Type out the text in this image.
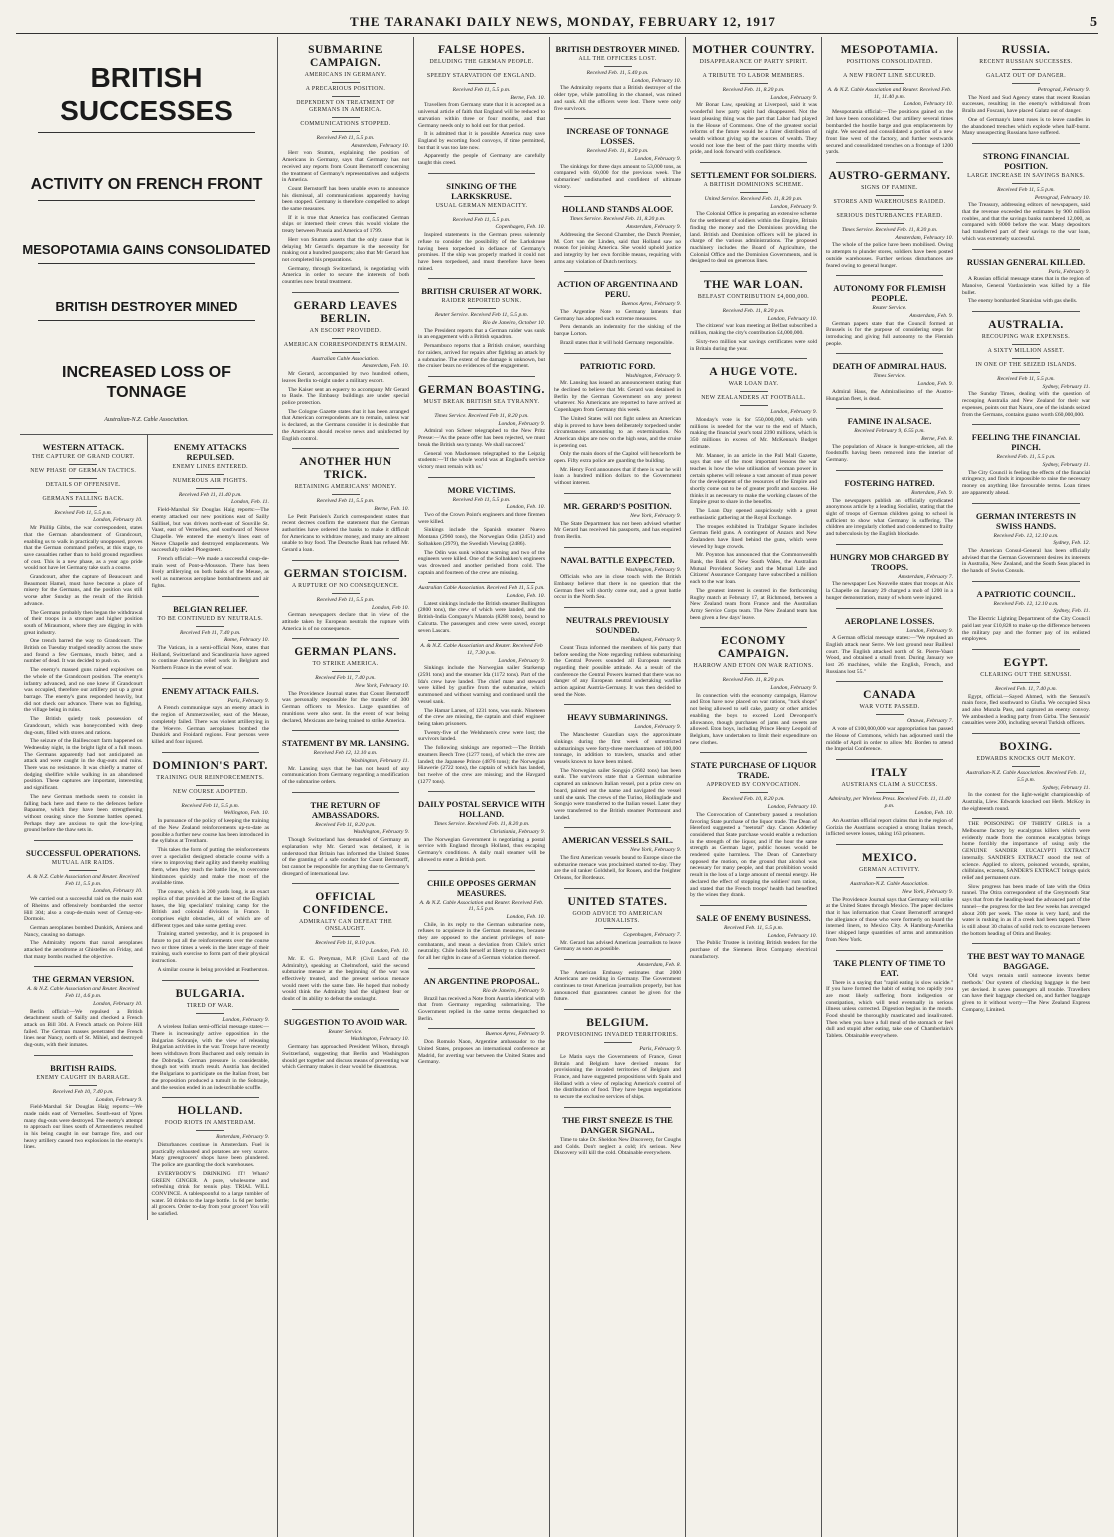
THE TARANAKI DAILY NEWS, MONDAY, FEBRUARY 12, 1917	5
BRITISH SUCCESSES
ACTIVITY ON FRENCH FRONT
MESOPOTAMIA GAINS CONSOLIDATED
BRITISH DESTROYER MINED
INCREASED LOSS OF TONNAGE
Australian-N.Z. Cable Association.
WESTERN ATTACK.
THE CAPTURE OF GRAND COURT.
NEW PHASE OF GERMAN TACTICS.
DETAILS OF OFFENSIVE.
GERMANS FALLING BACK.
Received Feb 11, 5.5 p.m.
London, February 10.

Mr Phillip Gibbs, the war correspondent, states that the German abandonment of Grandcourt, enabling us to walk in practically unopposed, proves that the German command prefers, at this stage, to save casualties rather than to hold ground regardless of cost. This is a new phase, as a year ago pride would not have let Germany take such a course.

Grandcourt, after the capture of Beaucourt and Beaumont Hamel, must have become a place of misery for the Germans, and the position was still worse after Sunday as the result of the British advance.

The Germans probably then began the withdrawal of their troops in a stronger and higher position south of Miraumont, where they are digging in with great industry.

One trench barred the way to Grandcourt. The British on Tuesday trudged steadily across the snow and found a few Germans, much bitter, and a number of dead. It was decided to push on.

The enemy's massed guns rained explosives on the whole of the Grandcourt position. The enemy's infantry advanced, and no one knew if Grandcourt was occupied, therefore our artillery put up a great barrage. The enemy's guns responded heavily, but did not check our advance. There was no fighting, the village being in ruins.

The British quietly took possession of Grandcourt, which was honeycombed with deep dug-outs, filled with stores and rations.

The seizure of the Baillescourt farm happened on Wednesday night, in the bright light of a full moon. The Germans apparently had not anticipated an attack and were caught in the dug-outs and ruins. There was no resistance. It was chiefly a matter of dodging shellfire while walking in an abandoned position. These captures are important, interesting and significant.

The new German methods seem to consist in falling back here and there to the defences before Bapaume, which they have been strengthening without ceasing since the Somme battles opened. Perhaps they are anxious to quit the low-lying ground before the thaw sets in.

SUCCESSFUL OPERATIONS.
MUTUAL AIR RAIDS.
A. & N.Z. Cable Association and Reuter. Received Feb 11, 5.5 p.m.
London, February 10.

We carried out a successful raid on the main east of Rheims and offensively bombarded the sector Hill 304; also a coup-de-main west of Cernay-en-Dormois.

German aeroplanes bombed Dunkirk, Amiens and Nancy, causing no damage.

The Admiralty reports that naval aeroplanes attacked the aerodrome at Ghistelles on Friday, and that many bombs reached the objective.

THE GERMAN VERSION.
A. & N.Z. Cable Association and Reuter. Received Feb 11, 4.6 p.m.
London, February 10.

Berlin official:—We repulsed a British detachment south of Sailly and checked a French attack on Bill 304. A French attack on Poivre Hill failed. The German masses penetrated the French lines near Nancy, north of St. Mihiel, and destroyed dug-outs, with their inmates.

BRITISH RAIDS.
ENEMY CAUGHT IN BARRAGE.
Received Feb 10, 7.40 p.m.
London, February 9.

Field-Marshal Sir Douglas Haig reports:—We made raids east of Vermelles. South-east of Ypres many dug-outs were destroyed. The enemy's attempt to approach our lines south of Armentieres resulted in his being caught in our barrage fire, and our heavy artillery caused two explosions in the enemy's lines.

ENEMY ATTACKS REPULSED.
ENEMY LINES ENTERED.
NUMEROUS AIR FIGHTS.
Received Feb 11, 11.40 p.m.
London, Feb. 11.

Field-Marshal Sir Douglas Haig reports:—The enemy attacked our new positions east of Sailly Saillisel, but was driven north-east of Souville St. Vaast, east of Vermelles, and southward of Neuve Chapelle. We entered the enemy's lines east of Neuve Chapelle and destroyed emplacements. We successfully raided Ploegsteert.

French official:—We made a successful coup-de-main west of Pont-a-Mousson. There has been lively artillerying on both banks of the Meuse, as well as numerous aeroplane bombardments and air fights.

BELGIAN RELIEF.
TO BE CONTINUED BY NEUTRALS.
Received Feb 11, 7.40 p.m.
Rome, February 10.

The Vatican, in a semi-official Note, states that Holland, Switzerland and Scandinavia have agreed to continue American relief work in Belgium and Northern France in the event of war.

ENEMY ATTACK FAILS.
Paris, February 9.

A French communique says an enemy attack in the region of Ammerzweiler, east of the Meuse, completely failed. There was violent artillerying in the Woevre. German aeroplanes bombed the Dunkirk and Froidard regions. Four persons were killed and four injured.

DOMINION'S PART.
TRAINING OUR REINFORCEMENTS.
NEW COURSE ADOPTED.
Received Feb 11, 5.5 p.m.
Wellington, Feb. 10.

In pursuance of the policy of keeping the training of the New Zealand reinforcements up-to-date as possible a further new course has been introduced in the syllabus at Trentham.

This takes the form of putting the reinforcements over a specialist designed obstacle course with a view to improving their agility and thereby enabling them, when they reach the battle line, to overcome hindrances quickly and make the most of the available time.

The course, which is 200 yards long, is an exact replica of that provided at the latest of the English bases, the big specialists' training camp for the British and colonial divisions in France. It comprises eight obstacles, all of which are of different types and take some getting over.

Training started yesterday, and it is proposed in future to put all the reinforcements over the course two or three times a week in the later stage of their training, such exercise to form part of their physical instruction.

A similar course is being provided at Featherston.

BULGARIA.
TIRED OF WAR.
London, February 9.

A wireless Italian semi-official message states:—There is increasingly active opposition in the Bulgarian Sobranje, with the view of releasing Bulgarian activities in the war. Troops have recently been withdrawn from Bucharest and only remain in the Dobrudja. German pressure is considerable, though not with much result. Austria has decided the Bulgarians to participate on the Italian front, but the proposition produced a tumult in the Sobranje, and the session ended in an indescribable scuffle.

HOLLAND.
FOOD RIOTS IN AMSTERDAM.
Rotterdam, February 9.

Disturbances continue in Amsterdam. Fuel is practically exhausted and potatoes are very scarce. Many greengrocers' shops have been plundered. The police are guarding the dock warehouses.

EVERYBODY'S DRINKING IT! Whats? GREEN GINGER. A pure, wholesome and refreshing drink for tennis play. TRIAL WILL CONVINCE. A tablespoonful to a large tumbler of water. 50 drinks to the large bottle. 1s 6d per bottle; all grocers. Order to-day from your grocer! You will be satisfied.

SUBMARINE CAMPAIGN.
AMERICANS IN GERMANY.
A PRECARIOUS POSITION.
DEPENDENT ON TREATMENT OF GERMANS IN AMERICA.
COMMUNICATIONS STOPPED.
Received Feb 11, 5.5 p.m.
Amsterdam, February 10.

Herr von Stumm, explaining the position of Americans in Germany, says that Germany has not received any reports from Count Bernstorff concerning the treatment of Germany's representatives and subjects in America.

Count Bernstorff has been unable even to announce his dismissal, all communications apparently having been stopped. Germany is therefore compelled to adopt the same measures.

If it is true that America has confiscated German ships or interned their crews this would violate the treaty between Prussia and America of 1799.

Herr von Stumm asserts that the only cause that is delaying Mr Gerard's departure is the necessity for making out a hundred passports; also that Mr Gerard has not completed his preparations.

Germany, through Switzerland, is negotiating with America in order to secure the interests of both countries now brutal treatment.

GERARD LEAVES BERLIN.
AN ESCORT PROVIDED.
AMERICAN CORRESPONDENTS REMAIN.
Australian Cable Association.
Amsterdam, Feb. 10.

Mr Gerard, accompanied by two hundred others, leaves Berlin to-night under a military escort.

The Kaiser sent an equerry to accompany Mr Gerard to Basle. The Embassy buildings are under special police protection.

The Cologne Gazette states that it has been arranged that American correspondents are to remain, unless war is declared, as the Germans consider it is desirable that the Americans should receive news and uninfected by English control.

ANOTHER HUN TRICK.
RETAINING AMERICANS' MONEY.
Received Feb 11, 5.5 p.m.
Berne, Feb. 10.

Le Petit Parisien's Zurich correspondent states that recent decrees confirm the statement that the German authorities have ordered the banks to make it difficult for Americans to withdraw money, and many are almost unable to buy food. The Deutsche Bank has refused Mr. Gerard a loan.

GERMAN STOICISM.
A RUPTURE OF NO CONSEQUENCE.
Received Feb 11, 5.5 p.m.
London, Feb 10.

German newspapers declare that in view of the attitude taken by European neutrals the rupture with America is of no consequence.

GERMAN PLANS.
TO STRIKE AMERICA.
Received Feb 11, 7.40 p.m.
New York, February 10.

The Providence Journal states that Count Bernstorff was personally responsible for the transfer of 300 German officers to Mexico. Large quantities of munitions were also sent. In the event of war being declared, Mexicans are being trained to strike America.

STATEMENT BY MR. LANSING.
Received Feb 12, 12.10 a.m.
Washington, February 11.

Mr. Lansing says that he has not heard of any communication from Germany regarding a modification of the submarine orders.

THE RETURN OF AMBASSADORS.
Received Feb 11, 8.20 p.m.
Washington, February 9.

Though Switzerland has demanded of Germany an explanation why Mr. Gerard was detained, it is understood that Britain has informed the United States of the granting of a safe conduct for Count Bernstorff, but cannot be responsible for anything due to Germany's disregard of international law.

OFFICIAL CONFIDENCE.
ADMIRALTY CAN DEFEAT THE ONSLAUGHT.
Received Feb 11, 8.10 p.m.
London, Feb. 10.

Mr. E. G. Pretyman, M.P. (Civil Lord of the Admiralty), speaking at Chelmsford, said the second submarine menace at the beginning of the war was effectively treated, and the present serious menace would meet with the same fate. He hoped that nobody would think the Admiralty had the slightest fear or doubt of its ability to defeat the onslaught.

SUGGESTION TO AVOID WAR.
Reuter Service.
Washington, February 10.

Germany has approached President Wilson, through Switzerland, suggesting that Berlin and Washington should get together and discuss means of preventing war which Germany makes it clear would be disastrous.

FALSE HOPES.
DELUDING THE GERMAN PEOPLE.
SPEEDY STARVATION OF ENGLAND.
Received Feb 11, 5.5 p.m.
Berne, Feb. 10.

Travellers from Germany state that it is accepted as a universal article of faith that England will be reduced to starvation within three or four months, and that Germany needs only to hold out for that period.

It is admitted that it is possible America may save England by escorting food convoys, if time permitted, but that it was too late now.

Apparently the people of Germany are carefully taught this creed.

SINKING OF THE LARKSKRUSE.
USUAL GERMAN MENDACITY.
Received Feb 11, 5.5 p.m.
Copenhagen, Feb. 10.

Inspired statements in the German press solemnly refuse to consider the possibility of the Larkskruse having been torpedoed in defiance of Germany's promises. If the ship was properly marked it could not have been torpedoed, and must therefore have been mined.

BRITISH CRUISER AT WORK.
RAIDER REPORTED SUNK.
Reuter Service. Received Feb 11, 5.5 p.m.
Rio de Janeiro, October 10.

The President reports that a German raider was sunk in an engagement with a British squadron.

Pernambuco reports that a British cruiser, searching for raiders, arrived for repairs after fighting an attack by a submarine. The extent of the damage is unknown, but the cruiser bears no evidences of the engagement.

GERMAN BOASTING.
MUST BREAK BRITISH SEA TYRANNY.
Times Service. Received Feb 11, 8.20 p.m.
London, February 9.

Admiral von Scheer telegraphed to the New Pritz Presse:—'As the peace offer has been rejected, we must break the British sea tyranny. We shall succeed.'

General von Mackensen telegraphed to the Leipzig students:—'If the whole world was at England's service victory must remain with us.'

MORE VICTIMS.
Received Feb 11, 5.5 p.m.
London, Feb. 10.

Two of the Crown Point's engineers and three firemen were killed.

Sinkings include the Spanish steamer Nuevo Montana (2960 tons), the Norwegian Odin (2451) and Solbakken (2979), the Swedish Viewing (2486).

The Odin was sunk without warning and two of the engineers were killed. One of the Solbakken's engineers was drowned and another perished from cold. The captain and fourteen of the crew are missing.

Australian Cable Association. Received Feb 11, 5.5 p.m.
London, Feb. 10.

Latest sinkings include the British steamer Bullington (2800 tons), the crew of which were landed, and the British-India Company's Mantola (8288 tons), bound to Calcutta. The passengers and crew were saved, except seven Lascars.

A. & N.Z. Cable Association and Reuter. Received Feb 11, 7.30 p.m.
London, February 9.

Sinkings include the Norwegian sailer Starkerup (2591 tons) and the steamer Ida (1172 tons). Part of the Ida's crew have landed. The chief mate and steward were killed by gunfire from the submarine, which summoned and without warning and continued until the vessel sank.

The Hamar Larsen, of 1231 tons, was sunk. Nineteen of the crew are missing, the captain and chief engineer being taken prisoners.

Twenty-five of the Welshmen's crew were lost; the survivors landed.

The following sinkings are reported:—The British steamers Beech Tree (1277 tons), of which the crew are landed; the Japanese Prince (4876 tons); the Norwegian Hiawerie (2722 tons), the captain of which has landed, but twelve of the crew are missing; and the Havgard (1277 tons).

DAILY POSTAL SERVICE WITH HOLLAND.
Times Service. Received Feb. 11, 8.20 p.m.
Christiania, February 9.

The Norwegian Government is negotiating a postal service with England through Holland, thus escaping Germany's conditions. A daily mail steamer will be allowed to enter a British port.

CHILE OPPOSES GERMAN MEASURES.
A. & N.Z. Cable Association and Reuter. Received Feb. 11, 5.5 p.m.
London, Feb. 10.

Chile, in its reply to the German submarine note, refuses to acquiesce in the German measures, because they are opposed to the ancient privileges of non-combatants, and mean a deviation from Chile's strict neutrality. Chile holds herself at liberty to claim respect for all her rights in case of a German violation thereof.

AN ARGENTINE PROPOSAL.
Rio de Janeiro, February 9.

Brazil has received a Note from Austria identical with that from Germany regarding submarining. The Government replied in the same terms despatched to Berlin.

Buenos Ayres, February 9.

Don Romulo Naon, Argentine ambassador to the United States, proposes an international conference at Madrid, for averting war between the United States and Germany.

BRITISH DESTROYER MINED.
ALL THE OFFICERS LOST.
Received Feb. 11, 5.40 p.m.
London, February 10.

The Admiralty reports that a British destroyer of the older type, while patrolling in the channel, was mined and sunk. All the officers were lost. There were only five survivors.

INCREASE OF TONNAGE LOSSES.
Received Feb. 11, 8.20 p.m.
London, February 9.

The sinkings for three days amount to 53,000 tons, as compared with 60,000 for the previous week. The submarines' undisturbed and confident of ultimate victory.

HOLLAND STANDS ALOOF.
Times Service. Received Feb. 11, 8.20 p.m.
Amsterdam, February 9.

Addressing the Second Chamber, the Dutch Premier, M. Cort van der Linden, said that Holland saw no reason for joining America. She would uphold justice and integrity by her own forcible means, requiring with arms any violation of Dutch territory.

ACTION OF ARGENTINA AND PERU.
Buenos Ayres, February 9.

The Argentine Note to Germany laments that Germany has adopted such extreme measures.

Peru demands an indemnity for the sinking of the barque Lorton.

Brazil states that it will hold Germany responsible.

PATRIOTIC FORD.
Washington, February 9.

Mr. Lansing has issued an announcement stating that he declined to believe that Mr. Gerard was detained in Berlin by the German Government on any pretext whatever. No Americans are reported to have arrived at Copenhagen from Germany this week.

The United States will not fight unless an American ship is proved to have been deliberately torpedoed under circumstances amounting to an extermination. No American ships are now on the high seas, and the cruise is petering out.

Only the main doors of the Capitol will henceforth be open. Fifty extra police are guarding the building.

Mr. Henry Ford announces that if there is war he will loan a hundred million dollars to the Government without interest.

MR. GERARD'S POSITION.
New York, February 9.

The State Department has not been advised whether Mr Gerard has received his passports, and has enquired from Berlin.

NAVAL BATTLE EXPECTED.
Washington, February 9.

Officials who are in close touch with the British Embassy believe that there is no question that the German fleet will shortly come out, and a great battle occur in the North Sea.

NEUTRALS PREVIOUSLY SOUNDED.
Budapest, February 9.

Count Tisza informed the members of his party that before sending the Note regarding ruthless submarining the Central Powers sounded all European neutrals regarding their possible attitude. As a result of the conference the Central Powers learned that there was no danger of any European neutral undertaking warlike action against Austria-Germany. It was then decided to send the Note.

HEAVY SUBMARININGS.
London, February 9.

The Manchester Guardian says the approximate sinkings during the first week of unrestricted submarinings were forty-three merchantmen of 100,000 tonnage, in addition to trawlers, smacks and other vessels known to have been mined.

The Norwegian sailer Songsjo (2602 tons) has been sunk. The survivors state that a German submarine captured an unknown Italian vessel, put a prize crew on board, painted out the name and navigated the vessel until she sank. The crews of the Turino, Hollinglade and Songsjo were transferred to the Italian vessel. Later they were transferred to the British steamer Portmount and landed.

AMERICAN VESSELS SAIL.
New York, February 9.

The first American vessels bound to Europe since the submarine menace was proclaimed started to-day. They are the oil tanker Goldshell, for Rouen, and the freighter Orleans, for Bordeaux.

UNITED STATES.
GOOD ADVICE TO AMERICAN JOURNALISTS.
Copenhagen, February 7.

Mr. Gerard has advised American journalists to leave Germany as soon as possible.

Amsterdam, Feb. 8.

The American Embassy estimates that 2000 Americans are residing in Germany. The Government continues to treat American journalists properly, but has announced that guarantees cannot be given for the future.

BELGIUM.
PROVISIONING INVADED TERRITORIES.
Paris, February 9.

Le Matin says the Governments of France, Great Britain and Belgium have devised means for provisioning the invaded territories of Belgium and France, and have suggested propositions with Spain and Holland with a view of replacing America's control of the distribution of food. They have begun negotiations to secure the exclusive services of ships.

THE FIRST SNEEZE IS THE DANGER SIGNAL.

Time to take Dr. Sheldon New Discovery, for Coughs and Colds. Don't neglect a cold; it's serious. New Discovery will kill the cold. Obtainable everywhere.

MOTHER COUNTRY.
DISAPPEARANCE OF PARTY SPIRIT.
A TRIBUTE TO LABOR MEMBERS.
Received Feb. 11, 8.20 p.m.
London, February 9.

Mr Bonar Law, speaking at Liverpool, said it was wonderful how party spirit had disappeared. Not the least pleasing thing was the part that Labor had played in the House of Commons. One of the greatest social reforms of the future would be a fairer distribution of wealth without giving up the sources of wealth. They would not lose the best of the past thirty months with pride, and look forward with confidence.

SETTLEMENT FOR SOLDIERS.
A BRITISH DOMINIONS SCHEME.
United Service. Received Feb. 11, 8.20 p.m.
London, February 9.

The Colonial Office is preparing an extensive scheme for the settlement of soldiers within the Empire, Britain finding the money and the Dominions providing the land. British and Dominion officers will be placed in charge of the various administrations. The proposed machinery includes the Board of Agriculture, the Colonial Office and the Dominion Governments, and is designed to deal on generous lines.

THE WAR LOAN.
BELFAST CONTRIBUTION £4,000,000.
Received Feb. 11, 8.20 p.m.
London, February 10.

The citizens' war loan meeting at Belfast subscribed a million, making the city's contribution £4,000,000.

Sixty-two million war savings certificates were sold in Britain during the year.

A HUGE VOTE.
WAR LOAN DAY.
NEW ZEALANDERS AT FOOTBALL.
London, February 9.

Monday's vote is for 550,000,000, which with millions is needed for the war to the end of March, making the financial year's total 2390 millions, which is 350 millions in excess of Mr. McKenna's Budget estimate.

Mr. Manner, in an article in the Pall Mall Gazette, says that one of the most important lessons the war teaches is how the wise utilisation of woman power in certain spheres will release a vast amount of man power for the development of the resources of the Empire and shortly come out to be of greater profit and success. He thinks it as necessary to make the working classes of the Empire great to share in the benefits.

The Loan Day opened auspiciously with a great enthusiastic gathering at the Royal Exchange.

The troupes exhibited in Trafalgar Square includes German field guns. A contingent of Anzacs and New Zealanders have lined behind the guns, which were viewed by huge crowds.

Mr. Poynton has announced that the Commonwealth Bank, the Bank of New South Wales, the Australian Mutual Provident Society and the Mutual Life and Citizens' Assurance Company have subscribed a million each to the war loan.

The greatest interest is centred in the forthcoming Rugby match at February 17, at Richmond, between a New Zealand team from France and the Australian Army Service Corps team. The New Zealand team has been given a few days' leave.

ECONOMY CAMPAIGN.
HARROW AND ETON ON WAR RATIONS.
Received Feb. 11, 8.20 p.m.
London, February 9.

In connection with the economy campaign, Harrow and Eton have now placed on war rations, "tuck shops" not being allowed to sell cake, pastry or other articles enabling the boys to exceed Lord Devonport's allowance, though purchases of jams and sweets are allowed. Eton boys, including Prince Henry Leopold of Belgium, have undertaken to limit their expenditure on new clothes.

STATE PURCHASE OF LIQUOR TRADE.
APPROVED BY CONVOCATION.
Received Feb. 10, 8.20 p.m.
London, February 10.

The Convocation of Canterbury passed a resolution favoring State purchase of the liquor trade. The Dean of Hereford suggested a "teetotal" day. Canon Adderley considered that State purchase would enable a reduction in the strength of the liquor, and if the hour the same strength as German lager, public houses would be rendered quite harmless. The Dean of Canterbury opposed the motion, on the ground that alcohol was necessary for many people, and that prohibition would result in the loss of a large amount of mental energy. He declared the effect of stopping the soldiers' rum ration, and stated that the French troops' health had benefited by the wines they drank.

SALE OF ENEMY BUSINESS.
Received Feb. 11, 5.5 p.m.
London, February 10.

The Public Trustee is inviting British tenders for the purchase of the Siemens Bros Company electrical manufactory.

MESOPOTAMIA.
POSITIONS CONSOLIDATED.
A NEW FRONT LINE SECURED.
A. & N.Z. Cable Association and Reuter. Received Feb. 11, 11.40 p.m.
London, February 10.

Mesopotamia official:—The positions gained on the 3rd have been consolidated. Our artillery several times bombarded the hostile barge and gun emplacements by night. We secured and consolidated a portion of a new front line west of the factory, and further westwards secured and consolidated trenches on a frontage of 1200 yards.

AUSTRO-GERMANY.
SIGNS OF FAMINE.
STORES AND WAREHOUSES RAIDED.
SERIOUS DISTURBANCES FEARED.
Times Service. Received Feb. 11, 8.20 p.m.
Amsterdam, February 10.

The whole of the police have been mobilised. Owing to attempts to plunder stores, soldiers have been posted outside warehouses. Further serious disturbances are feared owing to general hunger.

AUTONOMY FOR FLEMISH PEOPLE.
Reuter Service.
Amsterdam, Feb. 9.

German papers state that the Council formed at Brussels is for the purpose of considering steps for introducing and giving full autonomy to the Flemish people.

DEATH OF ADMIRAL HAUS.
Times Service.
London, Feb. 9.

Admiral Haus, the Admiralissimo of the Austro-Hungarian fleet, is dead.

FAMINE IN ALSACE.
Received February 9, 6.55 p.m.
Berne, Feb. 8.

The population of Alsace is hunger-stricken, all the foodstuffs having been removed into the interior of Germany.

FOSTERING HATRED.
Rotterdam, Feb. 9.

The newspapers publish an officially syndicated anonymous article by a leading Socialist, stating that the sight of troops of German children going to school is sufficient to show what Germany is suffering. The children are irregularly clothed and condemned to frailty and tuberculosis by the English blockade.

HUNGRY MOB CHARGED BY TROOPS.
Amsterdam, February 7.

The newspaper Les Nouvelle states that troops at Aix la Chapelle on January 29 charged a mob of 1200 in a hunger demonstration, many of whom were injured.

AEROPLANE LOSSES.
London, February 9.

A German official message states:—"We repulsed an English attack near Serre. We lost ground near Bailleul court. The English attacked north of St. Pierre-Vaast Wood, and obtained a small front. During January we lost 26 machines, while the English, French, and Russians lost 55."

CANADA
WAR VOTE PASSED.
Ottawa, February 7.

A vote of £100,000,000 war appropriation has passed the House of Commons, which has adjourned until the middle of April in order to allow Mr. Borden to attend the Imperial Conference.

ITALY
AUSTRIANS CLAIM A SUCCESS.
Admiralty, per Wireless Press. Received Feb. 11, 11.40 p.m.
London, Feb. 10.

An Austrian official report claims that in the region of Gorizia the Austrians occupied a strong Italian trench, inflicted severe losses, taking 163 prisoners.

MEXICO.
GERMAN ACTIVITY.
Australian-N.Z. Cable Association.
New York, February 9.

The Providence Journal says that Germany will strike at the United States through Mexico. The paper declares that it has information that Count Bernstorff arranged the allegiance of those who were formerly on board the interned liners, to Mexico City. A Hamburg-Amerika liner shipped large quantities of arms and ammunition from New York.

TAKE PLENTY OF TIME TO EAT.

There is a saying that "rapid eating is slow suicide." If you have formed the habit of eating too rapidly you are most likely suffering from indigestion or constipation, which will tend eventually in serious illness unless corrected. Digestion begins in the mouth. Food should be thoroughly masticated and insalivated. Then when you have a full meal of the stomach or feel dull and stupid after eating, take one of Chamberlain's Tablets. Obtainable everywhere.

RUSSIA.
RECENT RUSSIAN SUCCESSES.
GALATZ OUT OF DANGER.
Petrograd, February 9.

The Nord and Sud Agency states that recent Russian successes, resulting in the enemy's withdrawal from Braila and Foscani, have placed Galatz out of danger.

One of Germany's latest ruses is to leave candles in the abandoned trenches which explode when half-burnt. Many unsuspecting Russians have suffered.

STRONG FINANCIAL POSITION.
LARGE INCREASE IN SAVINGS BANKS.
Received Feb 11, 5.5 p.m.
Petrograd, February 10.

The Treasury, addressing editors of newspapers, said that the revenue exceeded the estimates by 900 million roubles, and that the savings banks numbered 12,000, as compared with 8000 before the war. Many depositors had transferred part of their savings to the war loan, which was extremely successful.

RUSSIAN GENERAL KILLED.
Paris, February 9.

A Russian official message states that in the region of Manoive, General Vardaxistein was killed by a file bullet.

The enemy bombarded Stanislau with gas shells.

AUSTRALIA.
RECOUPING WAR EXPENSES.
A SIXTY MILLION ASSET.
IN ONE OF THE SEIZED ISLANDS.
Received Feb 11, 5.5 p.m.
Sydney, February 11.

The Sunday Times, dealing with the question of recouping Australia and New Zealand for their war expenses, points out that Nauru, one of the islands seized from the Germans, contains guano worth £60,000,000.

FEELING THE FINANCIAL PINCH.
Received Feb. 11, 5.5 p.m.
Sydney, February 11.

The City Council is feeling the effects of the financial stringency, and finds it impossible to raise the necessary money on anything like favourable terms. Loan times are apparently ahead.

GERMAN INTERESTS IN SWISS HANDS.
Received Feb. 12, 12.10 a.m.
Sydney, Feb. 12.

The American Consul-General has been officially advised that the German Government desires its interests in Australia, New Zealand, and the South Seas placed in the hands of Swiss Consuls.

A PATRIOTIC COUNCIL.
Received Feb. 12, 12.10 a.m.
Sydney, Feb. 11.

The Electric Lighting Department of the City Council paid last year £10,828 to make up the difference between the military pay and the former pay of its enlisted employees.

EGYPT.
CLEARING OUT THE SENUSSI.
Received Feb. 11, 7.40 p.m.

Egypt, official.—Sayed Ahmed, with the Senussi's main force, fled southward to Giufia. We occupied Siwa and also Munzla Pass, and captured an enemy convoy. We ambushed a leading party from Girba. The Senussis' casualties were 200, including several Turkish officers.

BOXING.
EDWARDS KNOCKS OUT McKOY.
Australian-N.Z. Cable Association. Received Feb. 11, 5.5 p.m.
Sydney, February 11.

In the contest for the light-weight championship of Australia, Llew. Edwards knocked out Herb. McKoy in the eighteenth round.

THE POISONING OF THIRTY GIRLS in a Melbourne factory by eucalyptus killers which were evidently made from the common eucalyptus brings home forcibly the importance of using only the GENUINE SANDER EUCALYPTI EXTRACT internally. SANDER'S EXTRACT stood the test of science. Applied to ulcers, poisoned wounds, sprains, chilblains, eczema, SANDER'S EXTRACT brings quick relief and permanent cure.

Slow progress has been made of late with the Otira tunnel. The Otira correspondent of the Greymouth Star says that from the heading-head the advanced part of the tunnel—the progress for the last few weeks has averaged about 20ft per week. The stone is very hard, and the water is rushing in as if a creek had been tapped. There is still about 30 chains of solid rock to excavate between the bottom heading of Otira and Bealey.

THE BEST WAY TO MANAGE BAGGAGE.

'Old ways remain until someone invents better methods.' Our system of checking baggage is the best yet devised. It saves passengers all trouble. Travellers can have their baggage checked on, and further baggage given to it without worry—The New Zealand Express Company, Limited.
